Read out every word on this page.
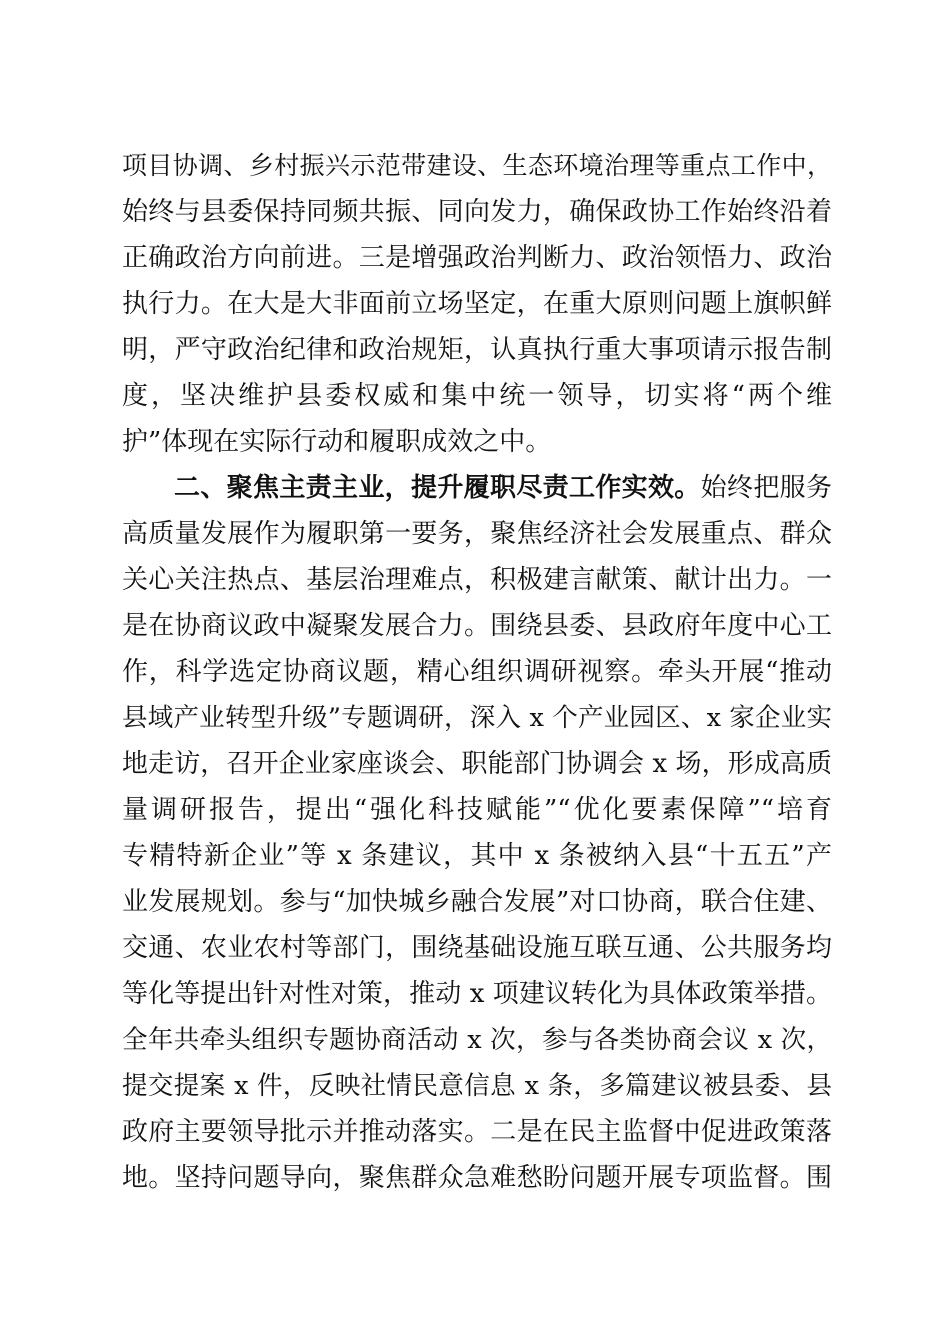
项目协调、乡村振兴示范带建设、生态环境治理等重点工作中，
始终与县委保持同频共振、同向发力，确保政协工作始终沿着
正确政治方向前进。三是增强政治判断力、政治领悟力、政治
执行力。在大是大非面前立场坚定，在重大原则问题上旗帜鲜
明，严守政治纪律和政治规矩，认真执行重大事项请示报告制
度，坚决维护县委权威和集中统一领导，切实将“两个维
护”体现在实际行动和履职成效之中。
二、聚焦主责主业，提升履职尽责工作实效。始终把服务
高质量发展作为履职第一要务，聚焦经济社会发展重点、群众
关心关注热点、基层治理难点，积极建言献策、献计出力。一
是在协商议政中凝聚发展合力。围绕县委、县政府年度中心工
作，科学选定协商议题，精心组织调研视察。牵头开展“推动
县域产业转型升级”专题调研，深入 x 个产业园区、x 家企业实
地走访，召开企业家座谈会、职能部门协调会 x 场，形成高质
量调研报告，提出“强化科技赋能”“优化要素保障”“培育
专精特新企业”等 x 条建议，其中 x 条被纳入县“十五五”产
业发展规划。参与“加快城乡融合发展”对口协商，联合住建、
交通、农业农村等部门，围绕基础设施互联互通、公共服务均
等化等提出针对性对策，推动 x 项建议转化为具体政策举措。
全年共牵头组织专题协商活动 x 次，参与各类协商会议 x 次，
提交提案 x 件，反映社情民意信息 x 条，多篇建议被县委、县
政府主要领导批示并推动落实。二是在民主监督中促进政策落
地。坚持问题导向，聚焦群众急难愁盼问题开展专项监督。围
